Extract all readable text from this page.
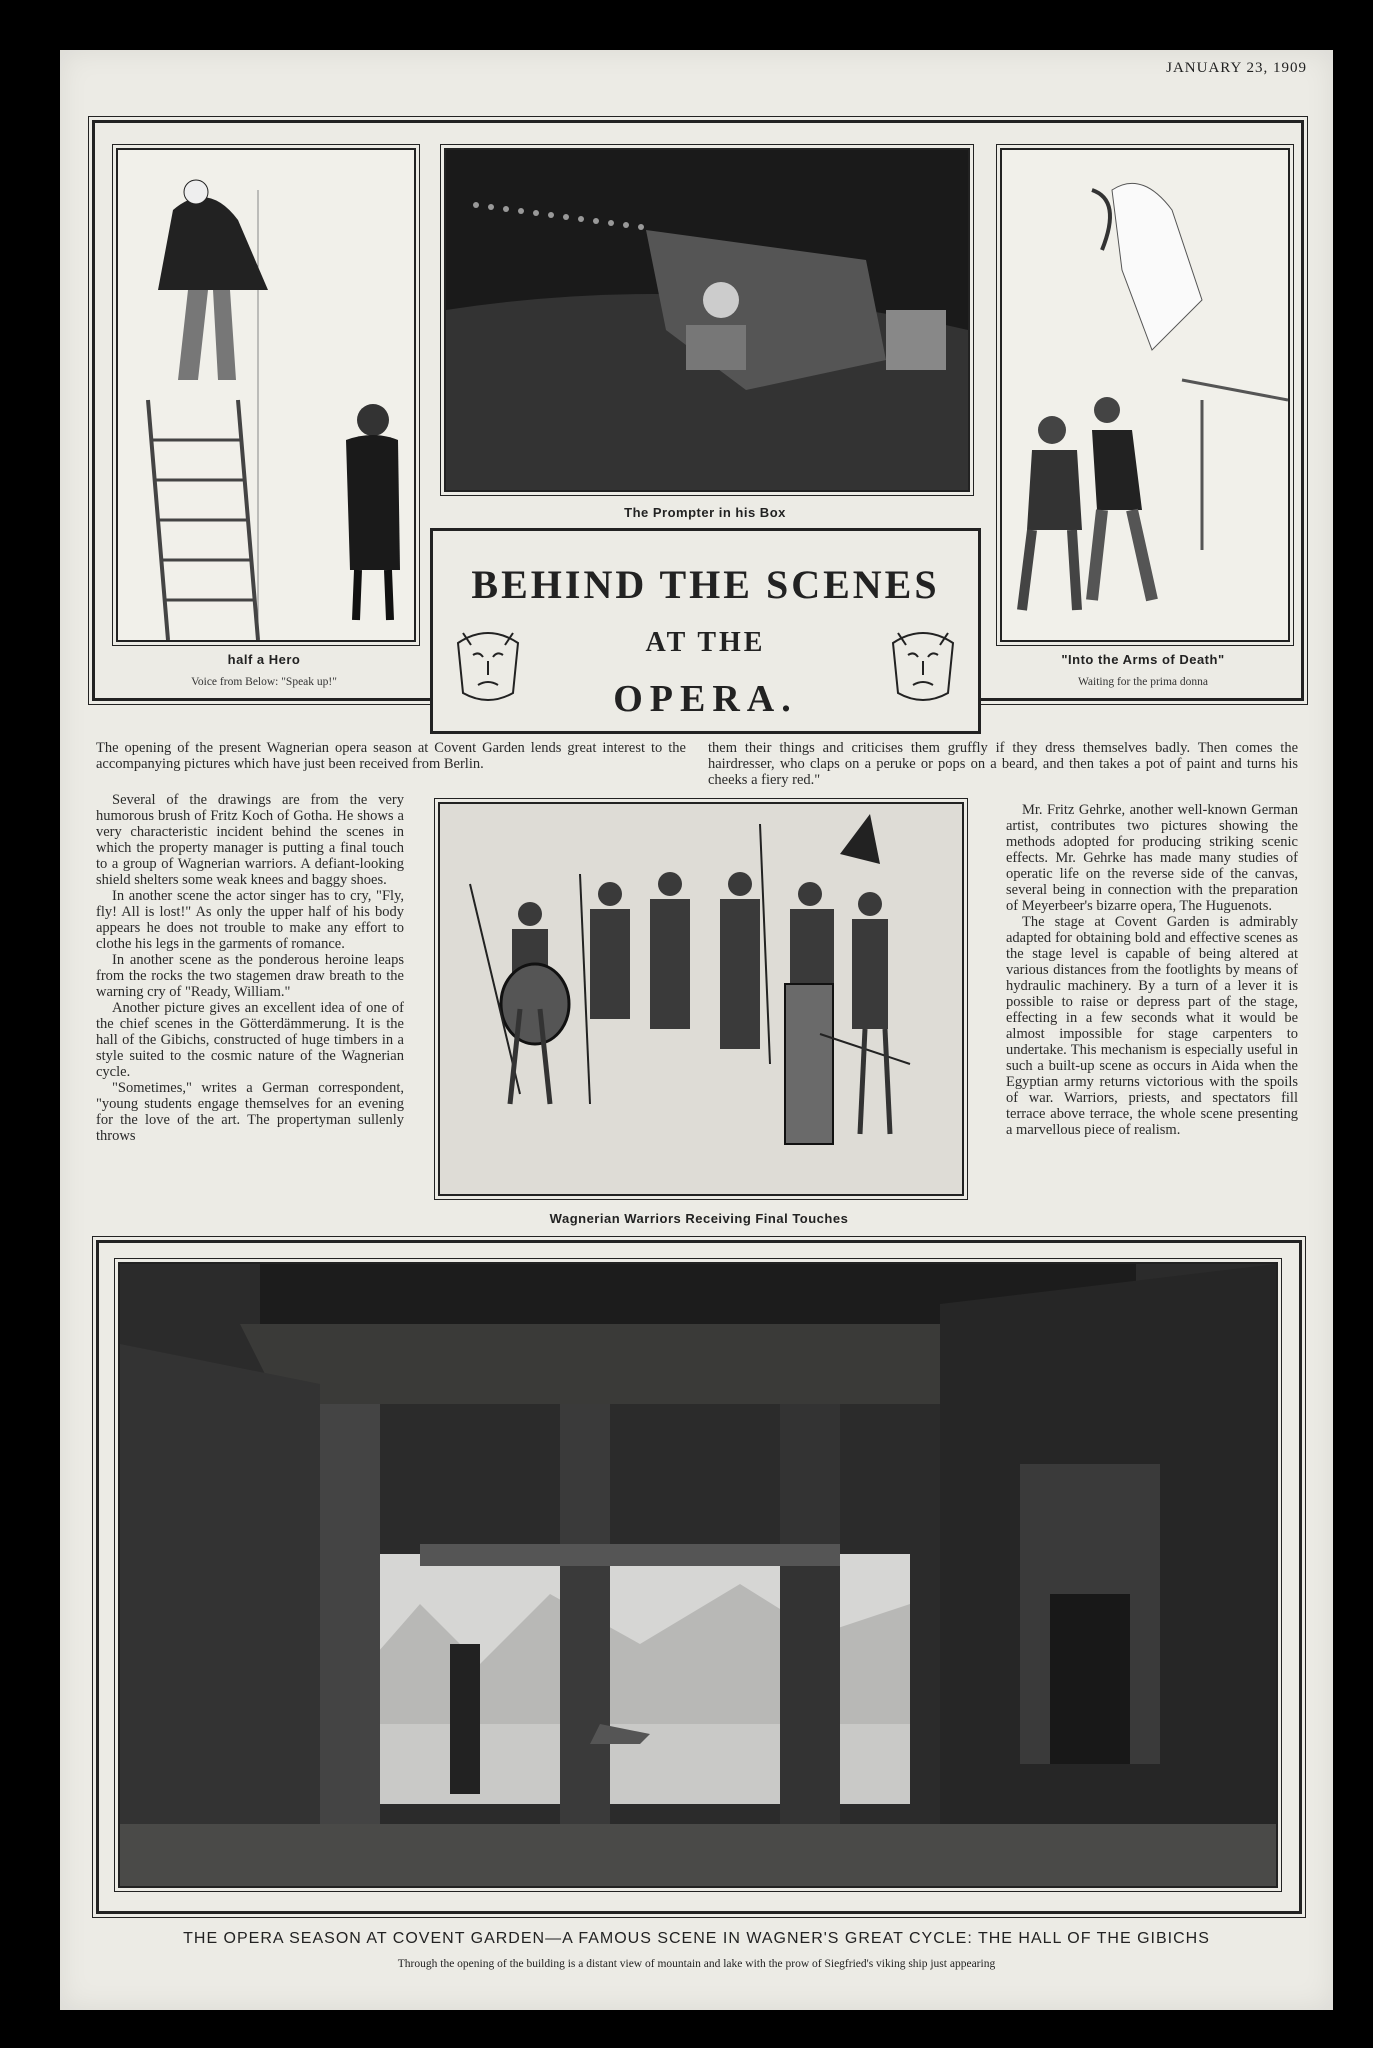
JANUARY 23, 1909
half a Hero
Voice from Below: "Speak up!"
The Prompter in his Box
"Into the Arms of Death"
Waiting for the prima donna
BEHIND THE SCENES
AT THE
OPERA.

The opening of the present Wagnerian opera season at Covent Garden lends great interest to the accompanying pictures which have just been received from Berlin.

Several of the drawings are from the very humorous brush of Fritz Koch of Gotha. He shows a very characteristic incident behind the scenes in which the property manager is putting a final touch to a group of Wagnerian warriors. A defiant-looking shield shelters some weak knees and baggy shoes.

In another scene the actor singer has to cry, "Fly, fly! All is lost!" As only the upper half of his body appears he does not trouble to make any effort to clothe his legs in the garments of romance.

In another scene as the ponderous heroine leaps from the rocks the two stagemen draw breath to the warning cry of "Ready, William."

Another picture gives an excellent idea of one of the chief scenes in the Götterdämmerung. It is the hall of the Gibichs, constructed of huge timbers in a style suited to the cosmic nature of the Wagnerian cycle.

"Sometimes," writes a German correspondent, "young students engage themselves for an evening for the love of the art. The propertyman sullenly throws

them their things and criticises them gruffly if they dress themselves badly. Then comes the hairdresser, who claps on a peruke or pops on a beard, and then takes a pot of paint and turns his cheeks a fiery red."

Wagnerian Warriors Receiving Final Touches

Mr. Fritz Gehrke, another well-known German artist, contributes two pictures showing the methods adopted for producing striking scenic effects. Mr. Gehrke has made many studies of operatic life on the reverse side of the canvas, several being in connection with the preparation of Meyerbeer's bizarre opera, The Huguenots.

The stage at Covent Garden is admirably adapted for obtaining bold and effective scenes as the stage level is capable of being altered at various distances from the footlights by means of hydraulic machinery. By a turn of a lever it is possible to raise or depress part of the stage, effecting in a few seconds what it would be almost impossible for stage carpenters to undertake. This mechanism is especially useful in such a built-up scene as occurs in Aida when the Egyptian army returns victorious with the spoils of war. Warriors, priests, and spectators fill terrace above terrace, the whole scene presenting a marvellous piece of realism.

THE OPERA SEASON AT COVENT GARDEN—A FAMOUS SCENE IN WAGNER'S GREAT CYCLE: THE HALL OF THE GIBICHS
Through the opening of the building is a distant view of mountain and lake with the prow of Siegfried's viking ship just appearing
